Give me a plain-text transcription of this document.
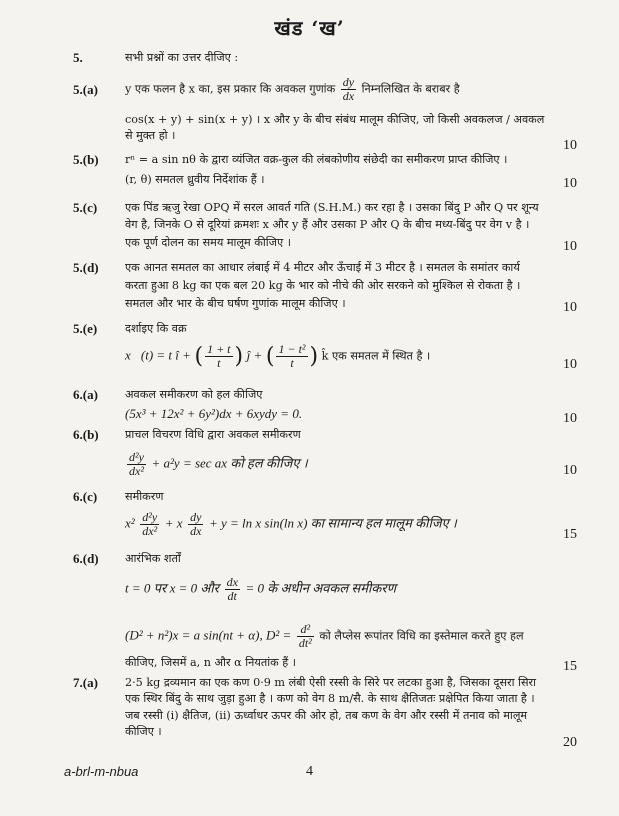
खंड ‘ख’
5.	सभी प्रश्नों का उत्तर दीजिए :
5.(a) y एक फलन है x का, इस प्रकार कि अवकल गुणांक $\frac{dy}{dx}$ निम्नलिखित के बराबर है
cos(x + y) + sin(x + y) । x और y के बीच संबंध मालूम कीजिए, जो किसी अवकलज / अवकल
से मुक्त हो ।
10
5.(b) rⁿ = a sin nθ के द्वारा व्यंजित वक्र-कुल की लंबकोणीय संछेदी का समीकरण प्राप्त कीजिए ।
(r, θ) समतल ध्रुवीय निर्देशांक हैं ।	10
5.(c) एक पिंड ऋजु रेखा OPQ में सरल आवर्त गति (S.H.M.) कर रहा है । उसका बिंदु P और Q पर शून्य
वेग है, जिनके O से दूरियां क्रमशः x और y हैं और उसका P और Q के बीच मध्य-बिंदु पर वेग v है ।
एक पूर्ण दोलन का समय मालूम कीजिए ।	10
5.(d) एक आनत समतल का आधार लंबाई में 4 मीटर और ऊँचाई में 3 मीटर है । समतल के समांतर कार्य
करता हुआ 8 kg का एक बल 20 kg के भार को नीचे की ओर सरकने को मुश्किल से रोकता है ।
समतल और भार के बीच घर्षण गुणांक मालूम कीजिए ।	10
5.(e) दर्शाइए कि वक्र
x⃗(t) = t î + ( $\frac{1 + t}{t}$ ) ĵ + ( $\frac{\text{1 − t²}}{t}$ ) k̂ एक समतल में स्थित है ।
10
6.(a) अवकल समीकरण को हल कीजिए
(5x³ + 12x² + 6y²)dx + 6xydy = 0.	10
6.(b) प्राचल विचरण विधि द्वारा अवकल समीकरण
$\frac{\text{d²y}}{\text{dx²}} + a^2y = \sec$ ax को हल कीजिए ।	10
6.(c) समीकरण
$x^2 \frac{\text{d²y}}{\text{dx²}} + x \frac{dy}{dx} + y = \ln x$ sin(ln x) का सामान्य हल मालूम कीजिए ।
15
6.(d) आरंभिक शर्तों
t = 0 पर x = 0 और $\frac{dx}{dt} = 0$ के अधीन अवकल समीकरण
(D² + n²)x = a sin(nt + α), $D^2 = \frac{\text{d²}}{\text{dt²}}$ को लैप्लेस रूपांतर विधि का इस्तेमाल करते हुए हल
कीजिए, जिसमें a, n और α नियतांक हैं ।	15
7.(a) 2·5 kg द्रव्यमान का एक कण 0·9 m लंबी ऐसी रस्सी के सिरे पर लटका हुआ है, जिसका दूसरा सिरा
एक स्थिर बिंदु के साथ जुड़ा हुआ है । कण को वेग 8 m/सै. के साथ क्षैतिजतः प्रक्षेपित किया जाता है ।
जब रस्सी (i) क्षैतिज, (ii) ऊर्ध्वाधर ऊपर की ओर हो, तब कण के वेग और रस्सी में तनाव को मालूम
कीजिए ।
20
a-brl-m-nbua	4
